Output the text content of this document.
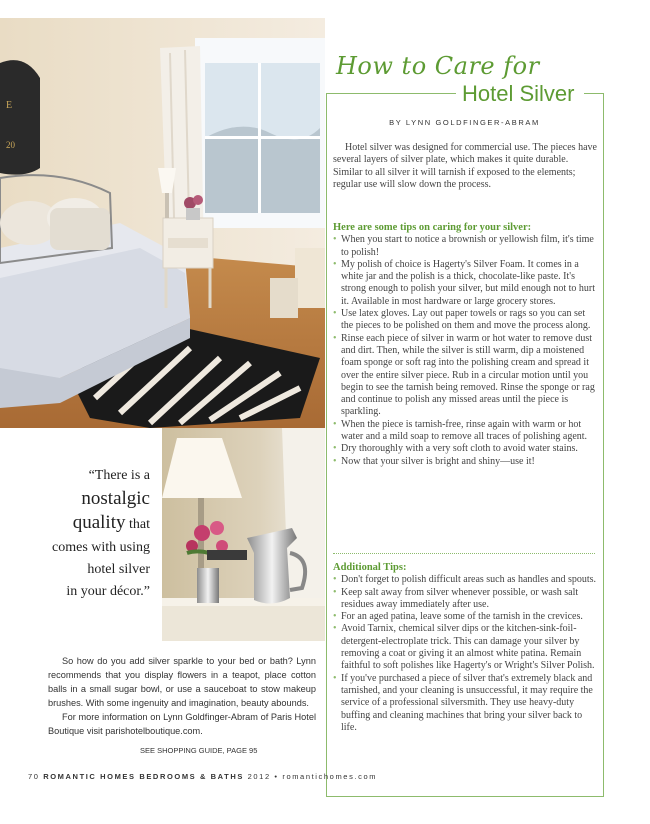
E
20
How to Care for
Hotel Silver
BY LYNN GOLDFINGER-ABRAM
Hotel silver was designed for commercial use. The pieces have several layers of silver plate, which makes it quite durable. Similar to all silver it will tarnish if exposed to the elements; regular use will slow down the process.

Here are some tips on caring for your silver:

• When you start to notice a brownish or yellowish film, it's time to polish!
• My polish of choice is Hagerty's Silver Foam. It comes in a white jar and the polish is a thick, chocolate-like paste. It's strong enough to polish your silver, but mild enough not to hurt it. Available in most hardware or large grocery stores.
• Use latex gloves. Lay out paper towels or rags so you can set the pieces to be polished on them and move the process along.
• Rinse each piece of silver in warm or hot water to remove dust and dirt. Then, while the silver is still warm, dip a moistened foam sponge or soft rag into the polishing cream and spread it over the entire silver piece. Rub in a circular motion until you begin to see the tarnish being removed. Rinse the sponge or rag and continue to polish any missed areas until the piece is sparkling.
• When the piece is tarnish-free, rinse again with warm or hot water and a mild soap to remove all traces of polishing agent.
• Dry thoroughly with a very soft cloth to avoid water stains.
• Now that your silver is bright and shiny—use it!

Additional Tips:

• Don't forget to polish difficult areas such as handles and spouts.
• Keep salt away from silver whenever possible, or wash salt residues away immediately after use.
• For an aged patina, leave some of the tarnish in the crevices.
• Avoid Tarnix, chemical silver dips or the kitchen-sink-foil-detergent-electroplate trick. This can damage your silver by removing a coat or giving it an almost white patina. Remain faithful to soft polishes like Hagerty's or Wright's Silver Polish.
• If you've purchased a piece of silver that's extremely black and tarnished, and your cleaning is unsuccessful, it may require the service of a professional silversmith. They use heavy-duty buffing and cleaning machines that bring your silver back to life.
“There is a
nostalgic
quality that
comes with using
hotel silver
in your décor.”

So how do you add silver sparkle to your bed or bath? Lynn recommends that you display flowers in a teapot, place cotton balls in a small sugar bowl, or use a sauceboat to stow makeup brushes. With some ingenuity and imagination, beauty abounds.

For more information on Lynn Goldfinger-Abram of Paris Hotel Boutique visit parishotelboutique.com.

SEE SHOPPING GUIDE, PAGE 95
70 ROMANTIC HOMES BEDROOMS & BATHS 2012 • romantichomes.com
